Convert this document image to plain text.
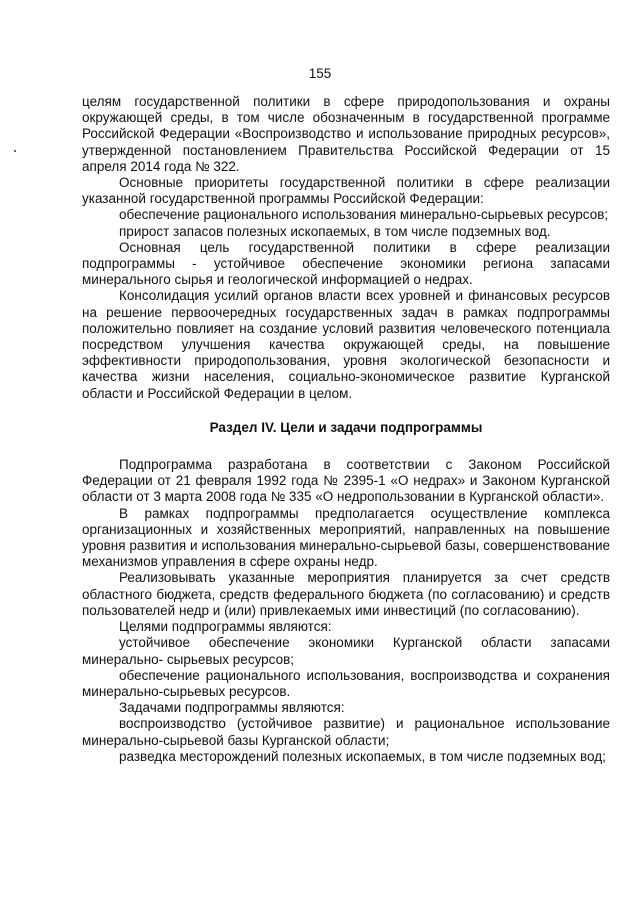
155

целям государственной политики в сфере природопользования и охраны окружающей среды, в том числе обозначенным в государственной программе Российской Федерации «Воспроизводство и использование природных ресурсов», утвержденной постановлением Правительства Российской Федерации от 15 апреля 2014 года № 322.

Основные приоритеты государственной политики в сфере реализации указанной государственной программы Российской Федерации:

обеспечение рационального использования минерально-сырьевых ресурсов;

прирост запасов полезных ископаемых, в том числе подземных вод.

Основная цель государственной политики в сфере реализации подпрограммы - устойчивое обеспечение экономики региона запасами минерального сырья и геологической информацией о недрах.

Консолидация усилий органов власти всех уровней и финансовых ресурсов на решение первоочередных государственных задач в рамках подпрограммы положительно повлияет на создание условий развития человеческого потенциала посредством улучшения качества окружающей среды, на повышение эффективности природопользования, уровня экологической безопасности и качества жизни населения, социально-экономическое развитие Курганской области и Российской Федерации в целом.

Раздел IV. Цели и задачи подпрограммы

Подпрограмма разработана в соответствии с Законом Российской Федерации от 21 февраля 1992 года № 2395-1 «О недрах» и Законом Курганской области от 3 марта 2008 года № 335 «О недропользовании в Курганской области».

В рамках подпрограммы предполагается осуществление комплекса организационных и хозяйственных мероприятий, направленных на повышение уровня развития и использования минерально-сырьевой базы, совершенствование механизмов управления в сфере охраны недр.

Реализовывать указанные мероприятия планируется за счет средств областного бюджета, средств федерального бюджета (по согласованию) и средств пользователей недр и (или) привлекаемых ими инвестиций (по согласованию).

Целями подпрограммы являются:

устойчивое обеспечение экономики Курганской области запасами минерально- сырьевых ресурсов;

обеспечение рационального использования, воспроизводства и сохранения минерально-сырьевых ресурсов.

Задачами подпрограммы являются:

воспроизводство (устойчивое развитие) и рациональное использование минерально-сырьевой базы Курганской области;

разведка месторождений полезных ископаемых, в том числе подземных вод;
